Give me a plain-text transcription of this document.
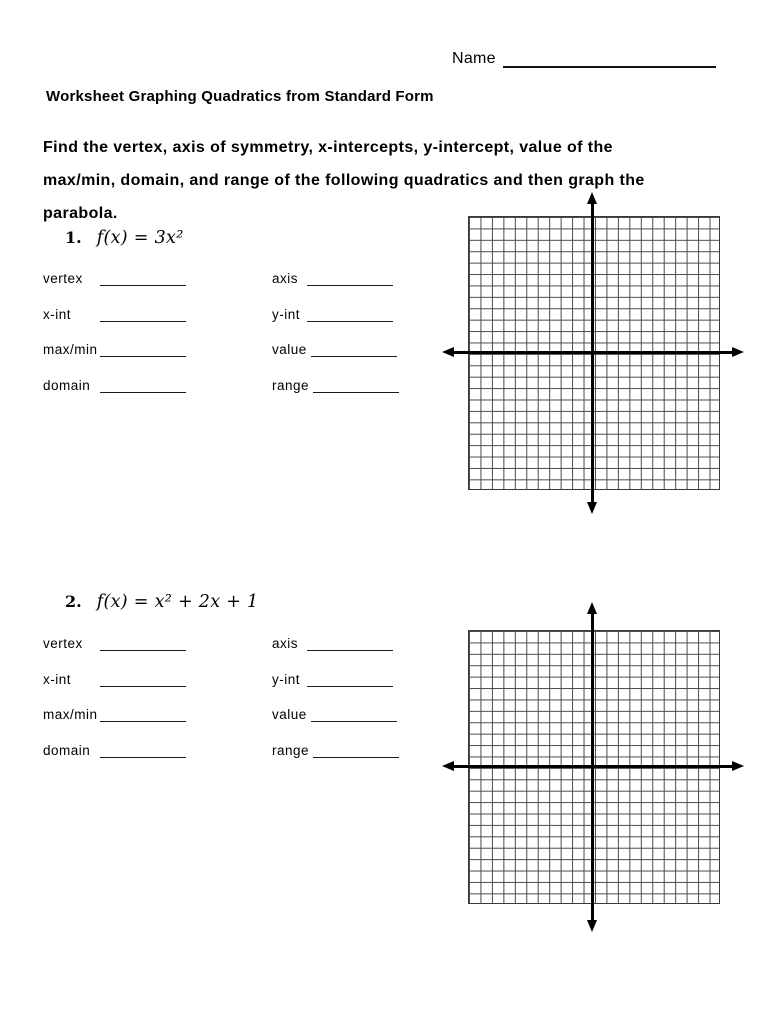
Name
Worksheet Graphing Quadratics from Standard Form
Find the vertex, axis of symmetry, x-intercepts, y-intercept, value of the
max/min, domain, and range of the following quadratics and then graph the
parabola.
1. f(x) = 3x²
vertex	axis
x-int	y-int
max/min	value
domain	range
2. f(x) = x² + 2x + 1
vertex	axis
x-int	y-int
max/min	value
domain	range
